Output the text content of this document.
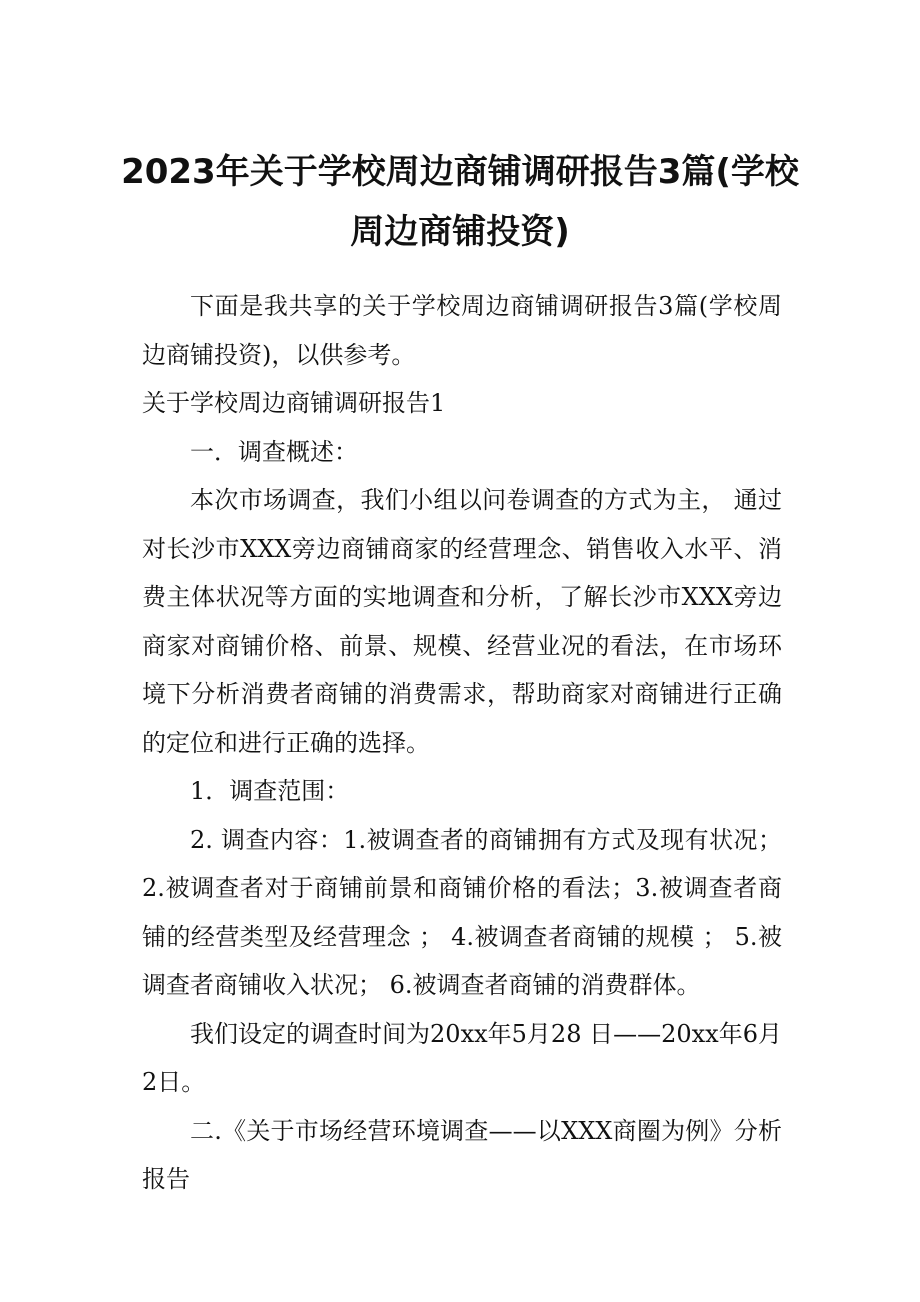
2023年关于学校周边商铺调研报告3篇(学校周边商铺投资)

下面是我共享的关于学校周边商铺调研报告3篇(学校周边商铺投资)，以供参考。

关于学校周边商铺调研报告1

一．调查概述：

本次市场调查，我们小组以问卷调查的方式为主， 通过对长沙市XXX旁边商铺商家的经营理念、销售收入水平、消费主体状况等方面的实地调查和分析，了解长沙市XXX旁边商家对商铺价格、前景、规模、经营业况的看法，在市场环境下分析消费者商铺的消费需求，帮助商家对商铺进行正确的定位和进行正确的选择。

1．调查范围：

2. 调查内容：1.被调查者的商铺拥有方式及现有状况；2.被调查者对于商铺前景和商铺价格的看法；3.被调查者商铺的经营类型及经营理念 ； 4.被调查者商铺的规模 ； 5.被调查者商铺收入状况； 6.被调查者商铺的消费群体。

我们设定的调查时间为20xx年5月28 日——20xx年6月2日。

二.《关于市场经营环境调查——以XXX商圈为例》分析报告
